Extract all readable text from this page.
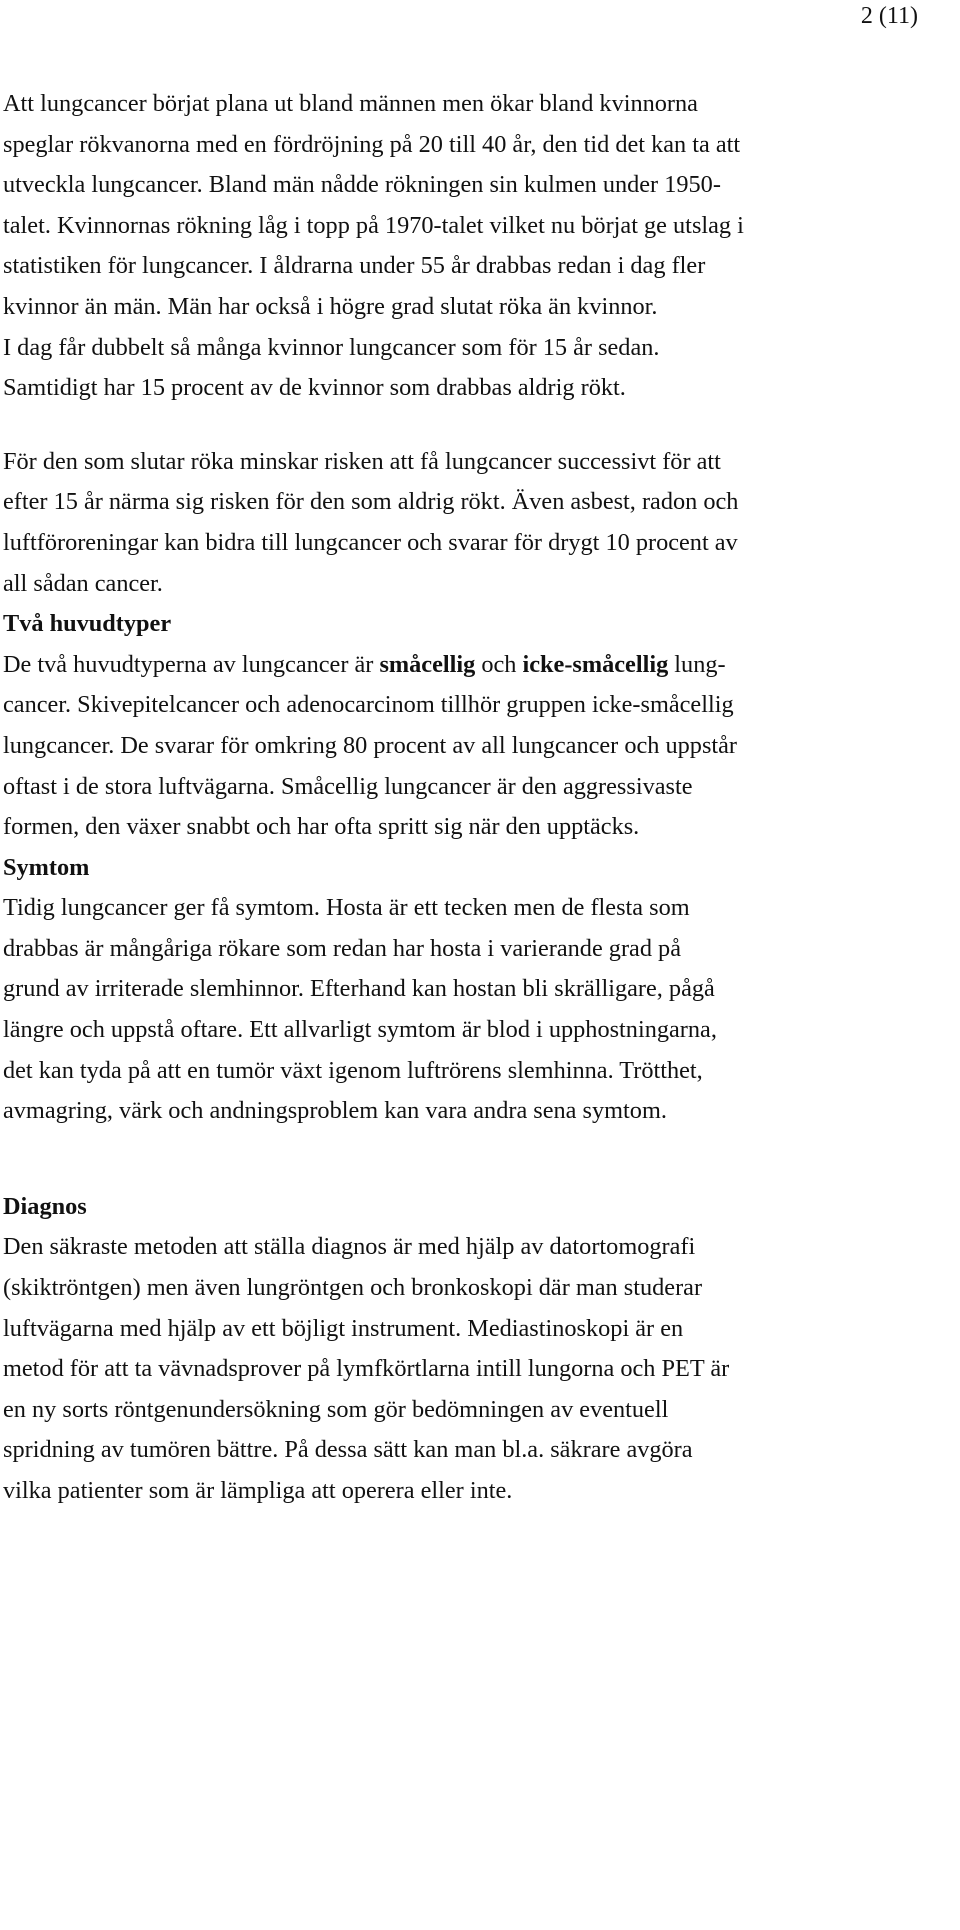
2 (11)

Att lungcancer börjat plana ut bland männen men ökar bland kvinnorna
speglar rökvanorna med en fördröjning på 20 till 40 år, den tid det kan ta att
utveckla lungcancer. Bland män nådde rökningen sin kulmen under 1950-
talet. Kvinnornas rökning låg i topp på 1970-talet vilket nu börjat ge utslag i
statistiken för lungcancer. I åldrarna under 55 år drabbas redan i dag fler
kvinnor än män. Män har också i högre grad slutat röka än kvinnor.
I dag får dubbelt så många kvinnor lungcancer som för 15 år sedan.
Samtidigt har 15 procent av de kvinnor som drabbas aldrig rökt.

För den som slutar röka minskar risken att få lungcancer successivt för att
efter 15 år närma sig risken för den som aldrig rökt. Även asbest, radon och
luftföroreningar kan bidra till lungcancer och svarar för drygt 10 procent av
all sådan cancer.

Två huvudtyper

De två huvudtyperna av lungcancer är småcellig och icke-småcellig lung-
cancer. Skivepitelcancer och adenocarcinom tillhör gruppen icke-småcellig
lungcancer. De svarar för omkring 80 procent av all lungcancer och uppstår
oftast i de stora luftvägarna. Småcellig lungcancer är den aggressivaste
formen, den växer snabbt och har ofta spritt sig när den upptäcks.

Symtom

Tidig lungcancer ger få symtom. Hosta är ett tecken men de flesta som
drabbas är mångåriga rökare som redan har hosta i varierande grad på
grund av irriterade slemhinnor. Efterhand kan hostan bli skrälligare, pågå
längre och uppstå oftare. Ett allvarligt symtom är blod i upphostningarna,
det kan tyda på att en tumör växt igenom luftrörens slemhinna. Trötthet,
avmagring, värk och andningsproblem kan vara andra sena symtom.

Diagnos

Den säkraste metoden att ställa diagnos är med hjälp av datortomografi
(skiktröntgen) men även lungröntgen och bronkoskopi där man studerar
luftvägarna med hjälp av ett böjligt instrument. Mediastinoskopi är en
metod för att ta vävnadsprover på lymfkörtlarna intill lungorna och PET är
en ny sorts röntgenundersökning som gör bedömningen av eventuell
spridning av tumören bättre. På dessa sätt kan man bl.a. säkrare avgöra
vilka patienter som är lämpliga att operera eller inte.
